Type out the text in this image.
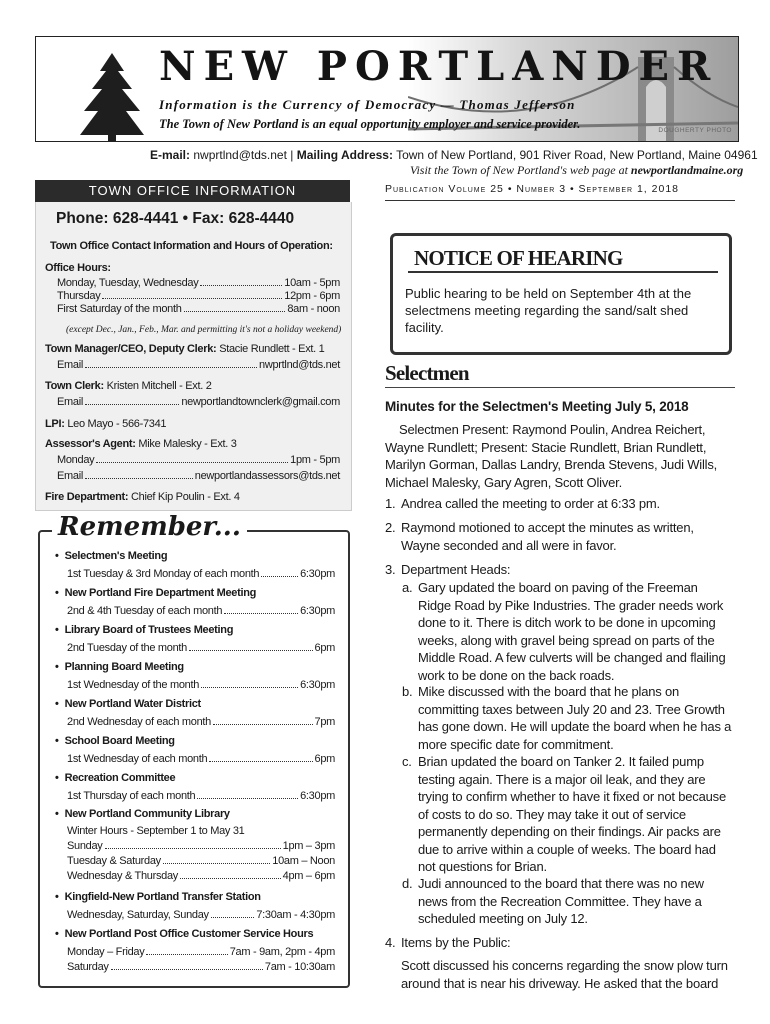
NEW PORTLANDER
Information is the Currency of Democracy — Thomas Jefferson
The Town of New Portland is an equal opportunity employer and service provider.	DOUGHERTY PHOTO
E-mail: nwprtlnd@tds.net | Mailing Address: Town of New Portland, 901 River Road, New Portland, Maine 04961
Visit the Town of New Portland's web page at newportlandmaine.org
TOWN OFFICE INFORMATION
Phone: 628-4441 • Fax: 628-4440
Town Office Contact Information and Hours of Operation:
Office Hours:
Monday, Tuesday, Wednesday	10am - 5pm
Thursday	12pm - 6pm
First Saturday of the month	8am - noon
(except Dec., Jan., Feb., Mar. and permitting it's not a holiday weekend)
Town Manager/CEO, Deputy Clerk: Stacie Rundlett - Ext. 1
Email	nwprtlnd@tds.net
Town Clerk: Kristen Mitchell - Ext. 2
Email	newportlandtownclerk@gmail.com
LPI: Leo Mayo - 566-7341
Assessor's Agent: Mike Malesky - Ext. 3
Monday	1pm - 5pm
Email	newportlandassessors@tds.net
Fire Department: Chief Kip Poulin - Ext. 4
Remember...
• Selectmen's Meeting
1st Tuesday & 3rd Monday of each month	6:30pm
• New Portland Fire Department Meeting
2nd & 4th Tuesday of each month	6:30pm
• Library Board of Trustees Meeting
2nd Tuesday of the month	6pm
• Planning Board Meeting
1st Wednesday of the month	6:30pm
• New Portland Water District
2nd Wednesday of each month	7pm
• School Board Meeting
1st Wednesday of each month	6pm
• Recreation Committee
1st Thursday of each month	6:30pm
• New Portland Community Library
Winter Hours - September 1 to May 31
Sunday	1pm – 3pm
Tuesday & Saturday	10am – Noon
Wednesday & Thursday	4pm – 6pm
• Kingfield-New Portland Transfer Station
Wednesday, Saturday, Sunday	7:30am - 4:30pm
• New Portland Post Office Customer Service Hours
Monday – Friday	7am - 9am, 2pm - 4pm
Saturday	7am - 10:30am
Publication Volume 25 • Number 3 • September 1, 2018
NOTICE OF HEARING
Public hearing to be held on September 4th at the selectmens meeting regarding the sand/salt shed facility.
Selectmen
Minutes for the Selectmen's Meeting July 5, 2018
Selectmen Present: Raymond Poulin, Andrea Reichert, Wayne Rundlett; Present: Stacie Rundlett, Brian Rundlett, Marilyn Gorman, Dallas Landry, Brenda Stevens, Judi Wills, Michael Malesky, Gary Agren, Scott Oliver.
1. Andrea called the meeting to order at 6:33 pm.
2. Raymond motioned to accept the minutes as written, Wayne seconded and all were in favor.
3. Department Heads:
a. Gary updated the board on paving of the Freeman Ridge Road by Pike Industries. The grader needs work done to it. There is ditch work to be done in upcoming weeks, along with gravel being spread on parts of the Middle Road. A few culverts will be changed and flailing work to be done on the back roads.
b. Mike discussed with the board that he plans on committing taxes between July 20 and 23. Tree Growth has gone down. He will update the board when he has a more specific date for commitment.
c. Brian updated the board on Tanker 2. It failed pump testing again. There is a major oil leak, and they are trying to confirm whether to have it fixed or not because of costs to do so. They may take it out of service permanently depending on their findings. Air packs are due to arrive within a couple of weeks. The board had not questions for Brian.
d. Judi announced to the board that there was no new news from the Recreation Committee. They have a scheduled meeting on July 12.
4. Items by the Public:
Scott discussed his concerns regarding the snow plow turn around that is near his driveway. He asked that the board
